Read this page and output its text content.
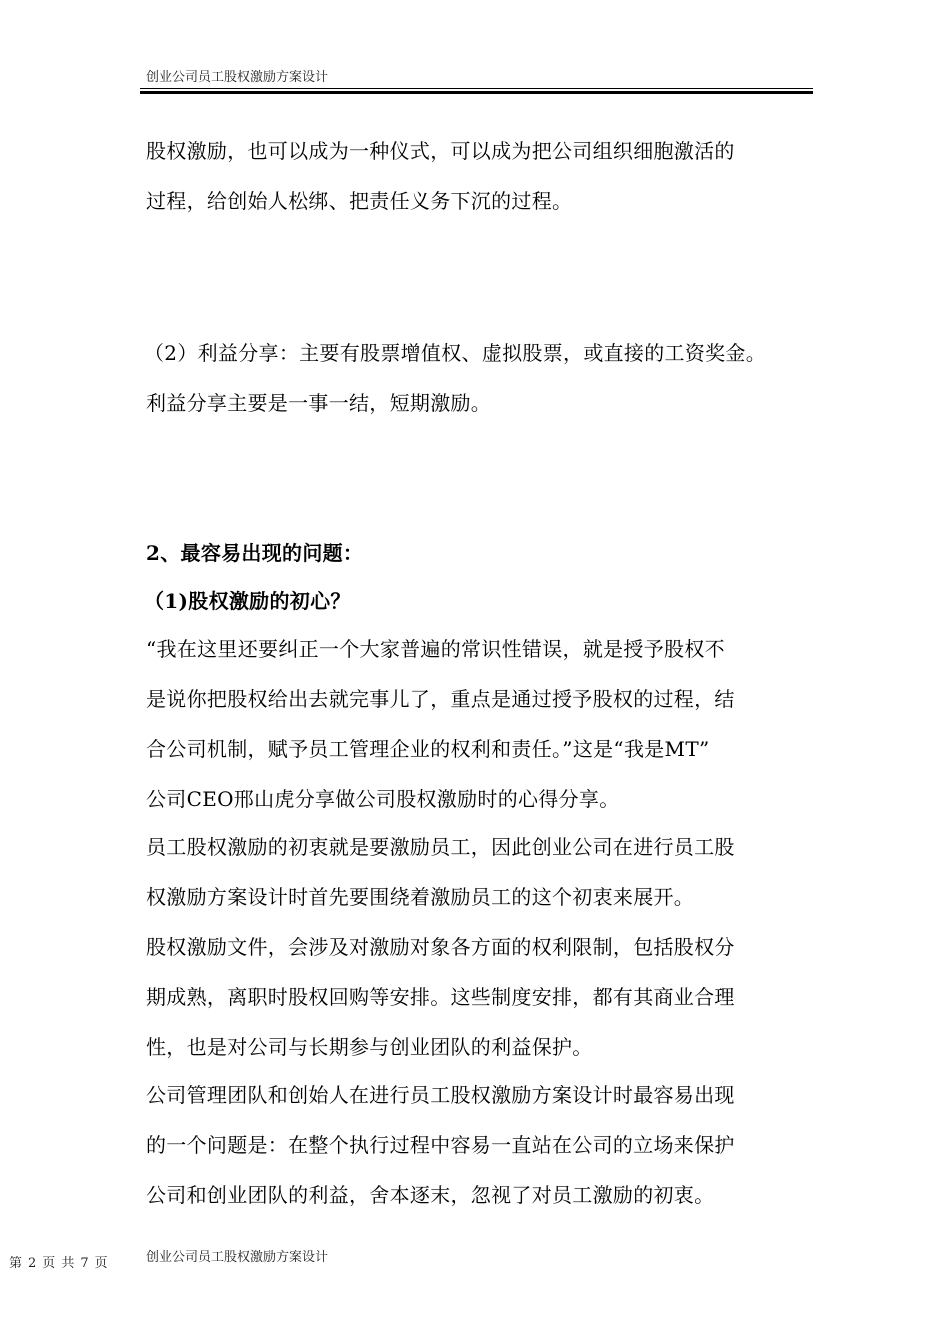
创业公司员工股权激励方案设计
股权激励，也可以成为一种仪式，可以成为把公司组织细胞激活的
过程，给创始人松绑、把责任义务下沉的过程。
（2）利益分享：主要有股票增值权、虚拟股票，或直接的工资奖金。
利益分享主要是一事一结，短期激励。
2、最容易出现的问题：
（1)股权激励的初心？
“我在这里还要纠正一个大家普遍的常识性错误，就是授予股权不
是说你把股权给出去就完事儿了，重点是通过授予股权的过程，结
合公司机制，赋予员工管理企业的权利和责任。”这是“我是MT”
公司CEO邢山虎分享做公司股权激励时的心得分享。
员工股权激励的初衷就是要激励员工，因此创业公司在进行员工股
权激励方案设计时首先要围绕着激励员工的这个初衷来展开。
股权激励文件，会涉及对激励对象各方面的权利限制，包括股权分
期成熟，离职时股权回购等安排。这些制度安排，都有其商业合理
性，也是对公司与长期参与创业团队的利益保护。
公司管理团队和创始人在进行员工股权激励方案设计时最容易出现
的一个问题是：在整个执行过程中容易一直站在公司的立场来保护
公司和创业团队的利益，舍本逐末，忽视了对员工激励的初衷。
第 2 页 共 7 页	创业公司员工股权激励方案设计
